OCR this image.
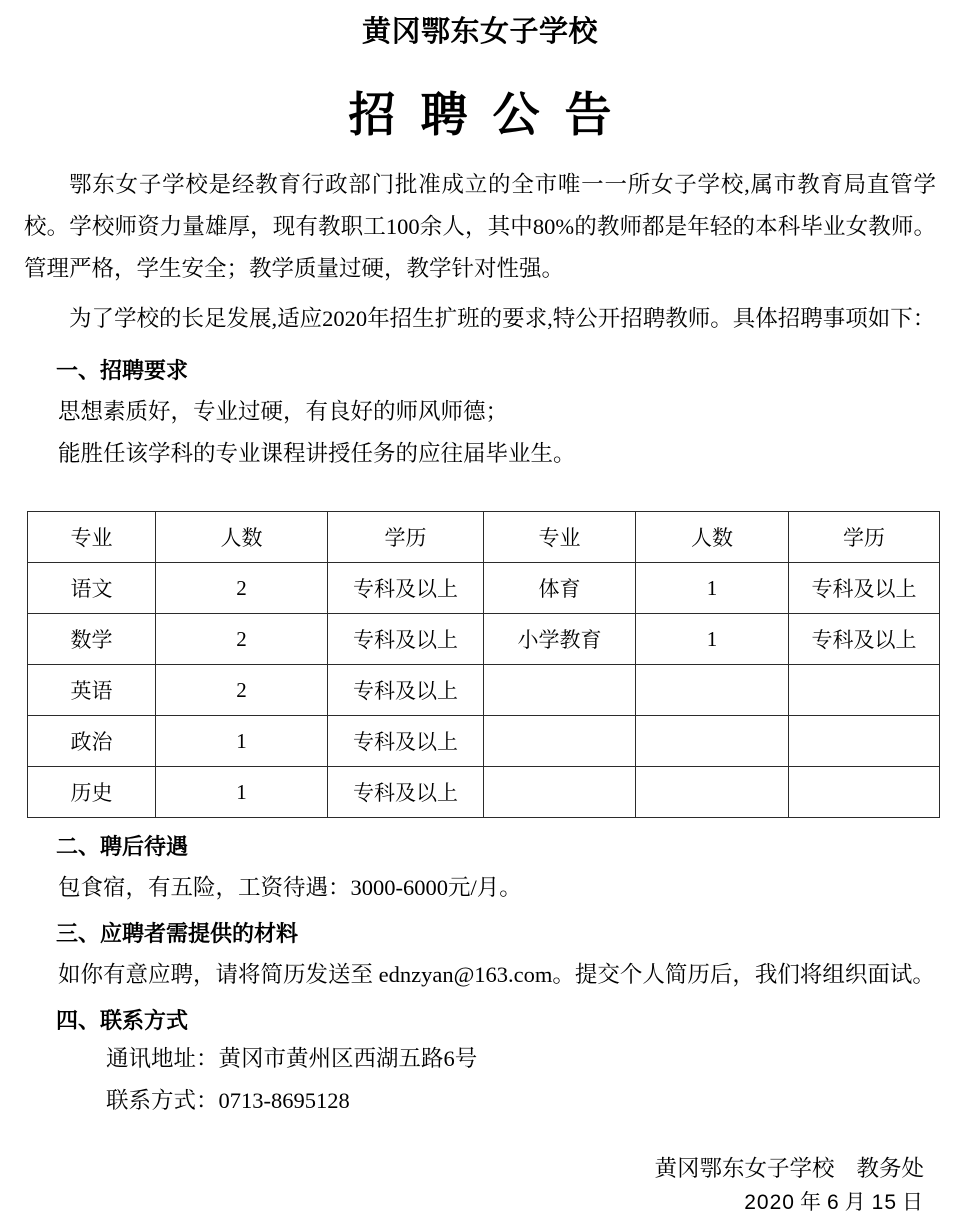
黄冈鄂东女子学校
招聘公告

鄂东女子学校是经教育行政部门批准成立的全市唯一一所女子学校,属市教育局直管学校。学校师资力量雄厚，现有教职工100余人，其中80%的教师都是年轻的本科毕业女教师。管理严格，学生安全；教学质量过硬，教学针对性强。

为了学校的长足发展,适应2020年招生扩班的要求,特公开招聘教师。具体招聘事项如下：

一、招聘要求

思想素质好，专业过硬，有良好的师风师德；

能胜任该学科的专业课程讲授任务的应往届毕业生。

专业	人数	学历	专业	人数	学历
语文	2	专科及以上	体育	1	专科及以上
数学	2	专科及以上	小学教育	1	专科及以上
英语	2	专科及以上			
政治	1	专科及以上			
历史	1	专科及以上			

二、聘后待遇

包食宿，有五险，工资待遇：3000-6000元/月。

三、应聘者需提供的材料

如你有意应聘，请将简历发送至 ednzyan@163.com。提交个人简历后，我们将组织面试。

四、联系方式

通讯地址：黄冈市黄州区西湖五路6号

联系方式：0713-8695128

黄冈鄂东女子学校 教务处
2020 年 6 月 15 日
